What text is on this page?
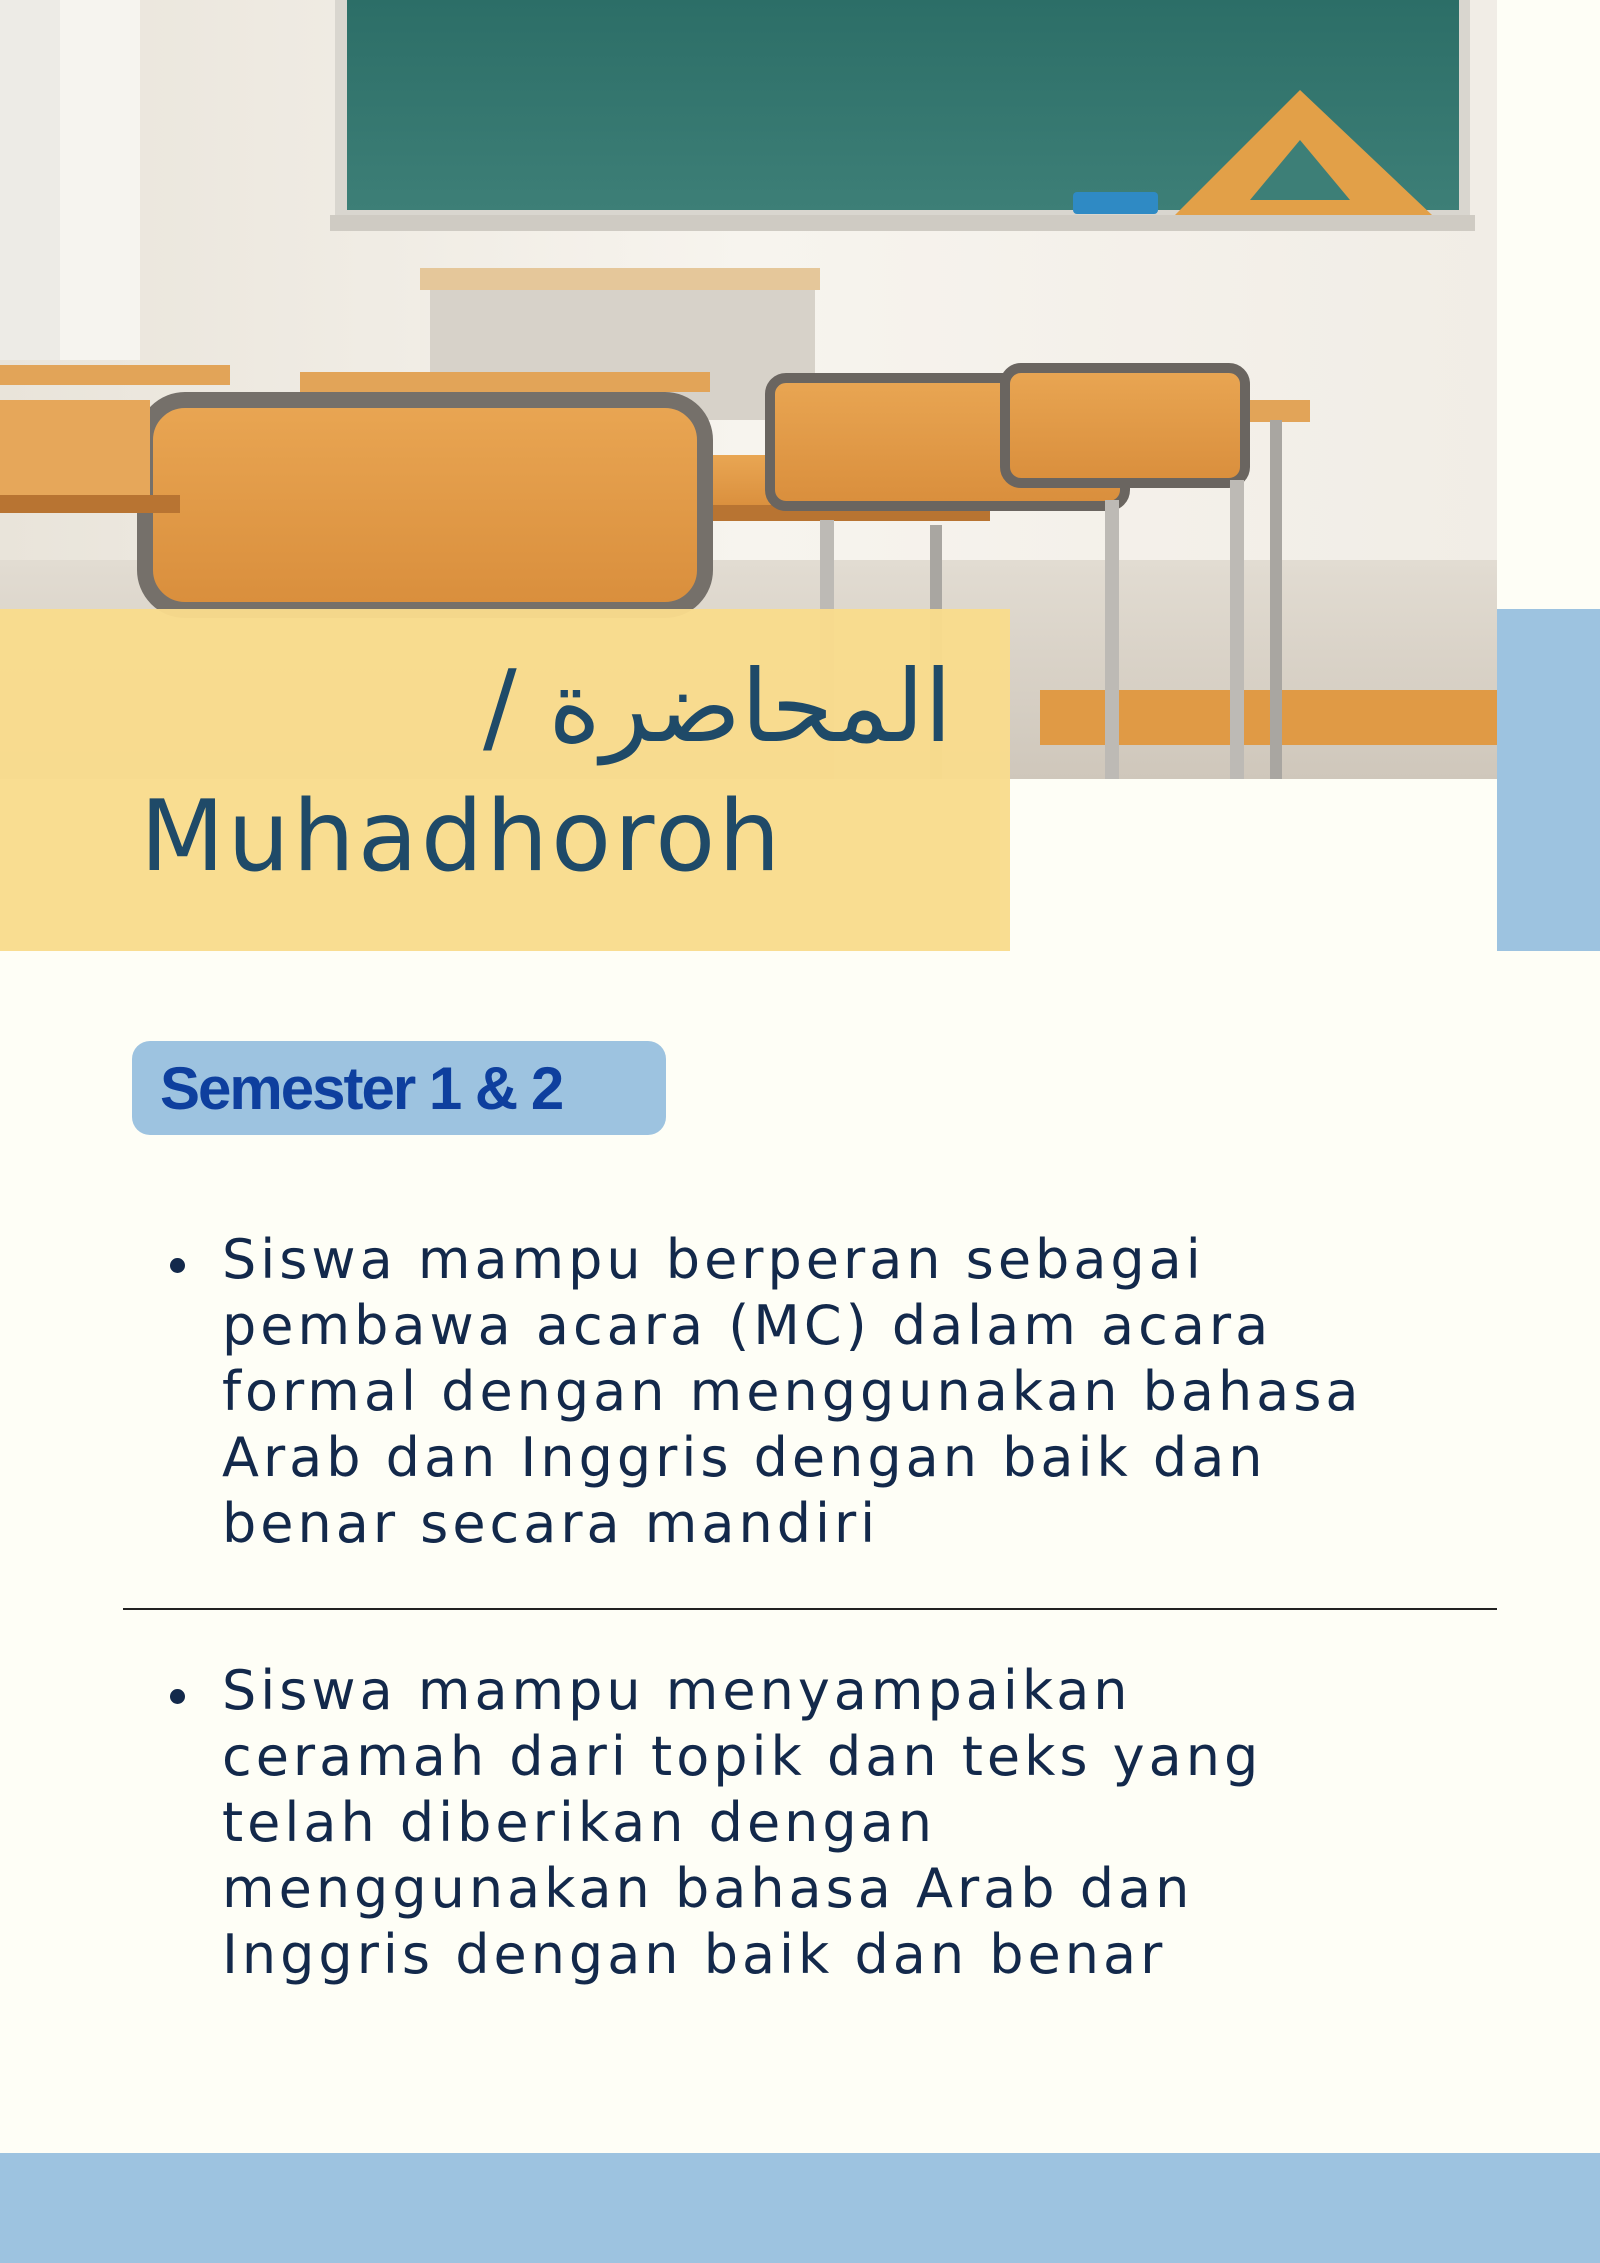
المحاضرة /
Muhadhoroh
Semester 1 & 2

Siswa mampu berperan sebagai pembawa acara (MC) dalam acara formal dengan menggunakan bahasa Arab dan Inggris dengan baik dan benar secara mandiri

Siswa mampu menyampaikan ceramah dari topik dan teks yang telah diberikan dengan menggunakan bahasa Arab dan Inggris dengan baik dan benar
